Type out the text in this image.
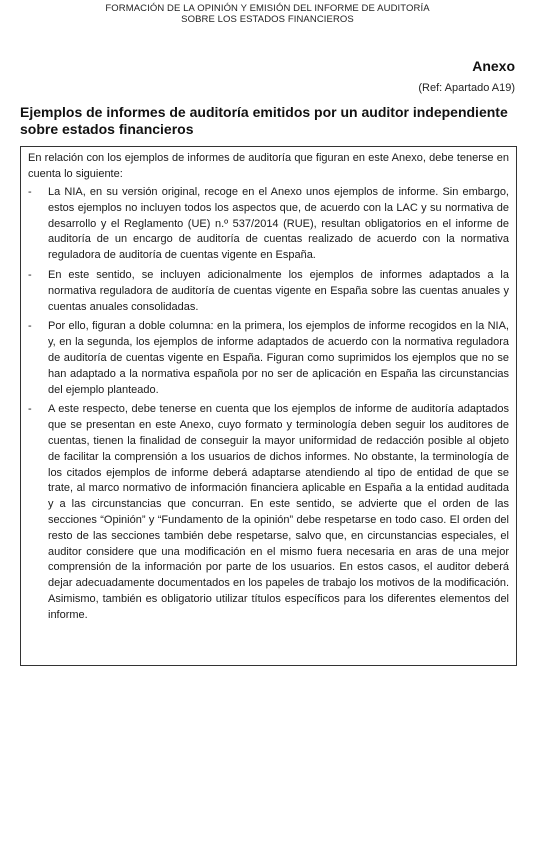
FORMACIÓN DE LA OPINIÓN Y EMISIÓN DEL INFORME DE AUDITORÍA
SOBRE LOS ESTADOS FINANCIEROS
Anexo
(Ref: Apartado A19)
Ejemplos de informes de auditoría emitidos por un auditor independiente sobre estados financieros

En relación con los ejemplos de informes de auditoría que figuran en este Anexo, debe tenerse en cuenta lo siguiente:

-	La NIA, en su versión original, recoge en el Anexo unos ejemplos de informe. Sin embargo, estos ejemplos no incluyen todos los aspectos que, de acuerdo con la LAC y su normativa de desarrollo y el Reglamento (UE) n.º 537/2014 (RUE), resultan obligatorios en el informe de auditoría de un encargo de auditoría de cuentas realizado de acuerdo con la normativa reguladora de auditoría de cuentas vigente en España.
-	En este sentido, se incluyen adicionalmente los ejemplos de informes adaptados a la normativa reguladora de auditoría de cuentas vigente en España sobre las cuentas anuales y cuentas anuales consolidadas.
-	Por ello, figuran a doble columna: en la primera, los ejemplos de informe recogidos en la NIA, y, en la segunda, los ejemplos de informe adaptados de acuerdo con la normativa reguladora de auditoría de cuentas vigente en España. Figuran como suprimidos los ejemplos que no se han adaptado a la normativa española por no ser de aplicación en España las circunstancias del ejemplo planteado.
-	A este respecto, debe tenerse en cuenta que los ejemplos de informe de auditoría adaptados que se presentan en este Anexo, cuyo formato y terminología deben seguir los auditores de cuentas, tienen la finalidad de conseguir la mayor uniformidad de redacción posible al objeto de facilitar la comprensión a los usuarios de dichos informes. No obstante, la terminología de los citados ejemplos de informe deberá adaptarse atendiendo al tipo de entidad de que se trate, al marco normativo de información financiera aplicable en España a la entidad auditada y a las circunstancias que concurran. En este sentido, se advierte que el orden de las secciones “Opinión” y “Fundamento de la opinión” debe respetarse en todo caso. El orden del resto de las secciones también debe respetarse, salvo que, en circunstancias especiales, el auditor considere que una modificación en el mismo fuera necesaria en aras de una mejor comprensión de la información por parte de los usuarios. En estos casos, el auditor deberá dejar adecuadamente documentados en los papeles de trabajo los motivos de la modificación. Asimismo, también es obligatorio utilizar títulos específicos para los diferentes elementos del informe.
